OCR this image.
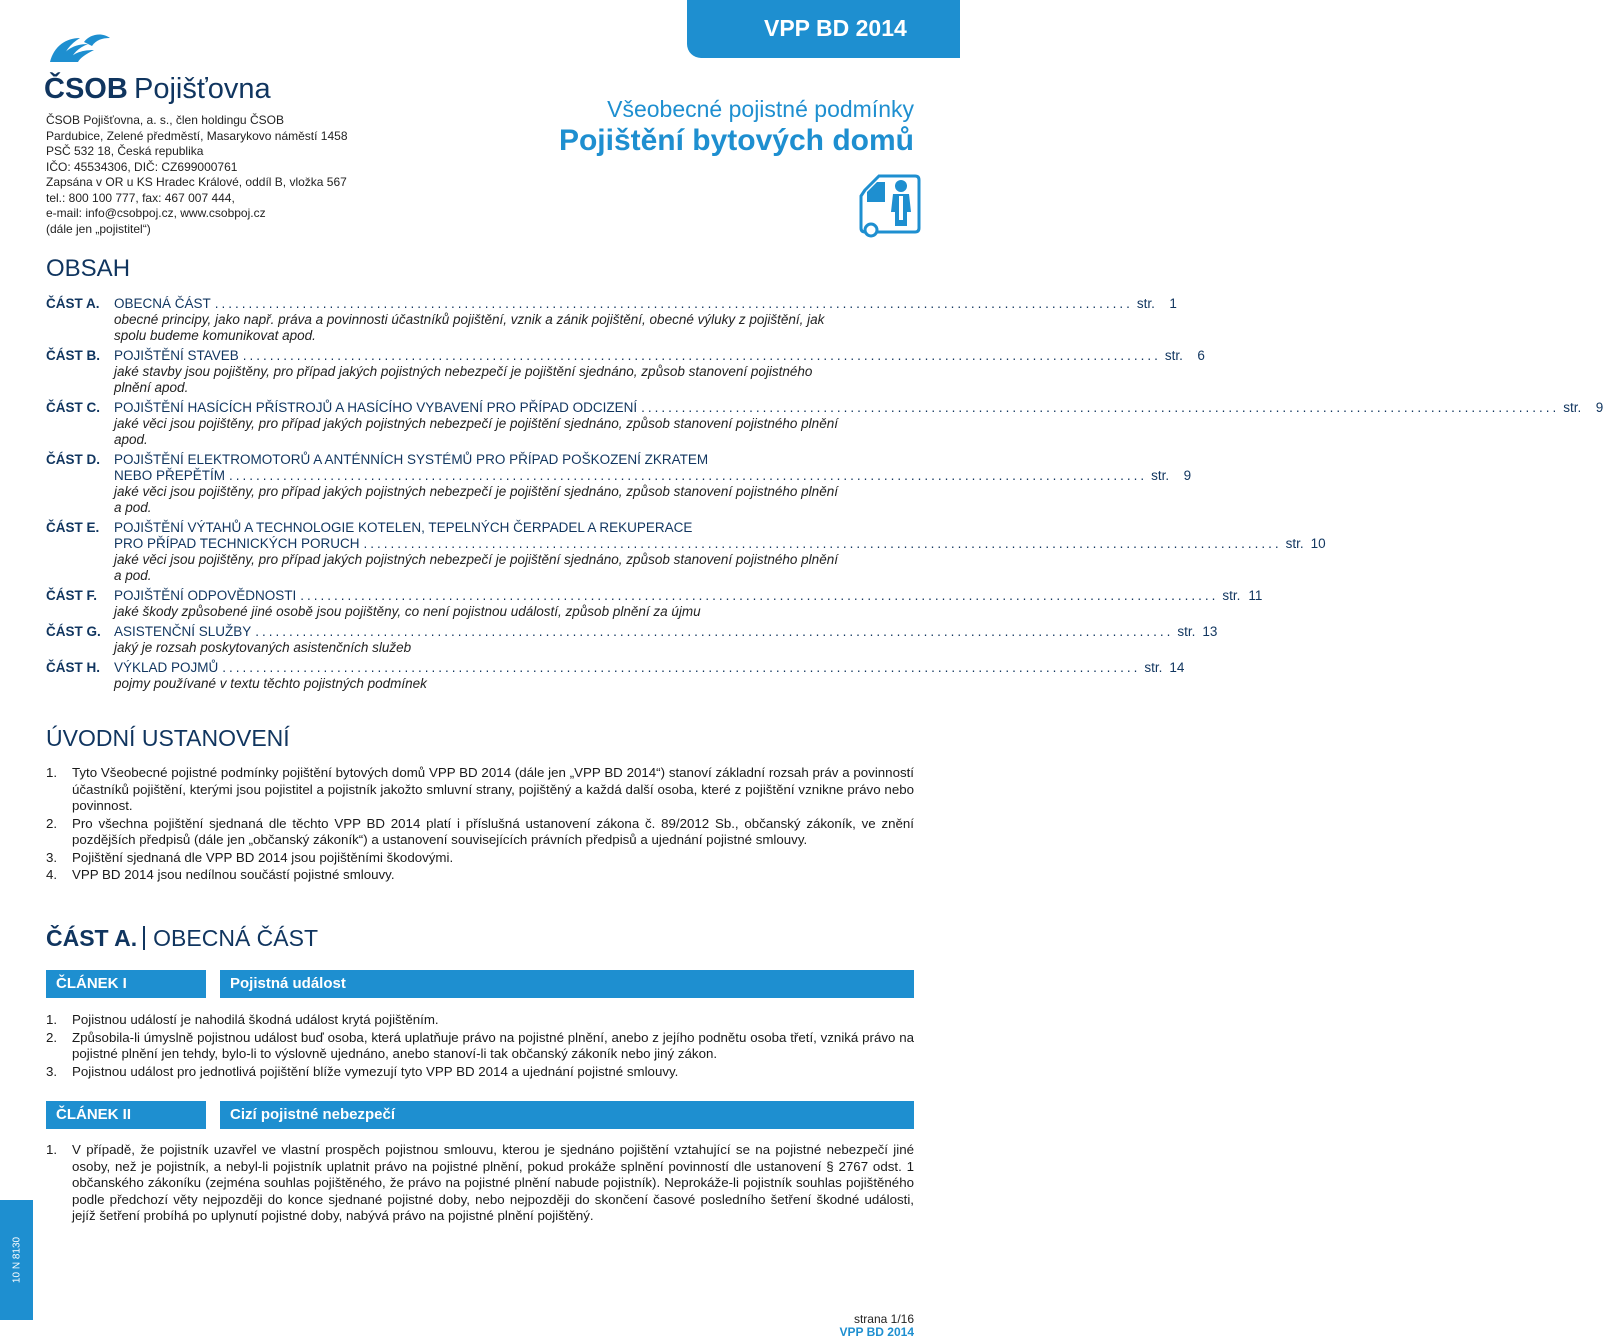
VPP BD 2014
ČSOB Pojišťovna
ČSOB Pojišťovna, a. s., člen holdingu ČSOB
Pardubice, Zelené předměstí, Masarykovo náměstí 1458
PSČ 532 18, Česká republika
IČO: 45534306, DIČ: CZ699000761
Zapsána v OR u KS Hradec Králové, oddíl B, vložka 567
tel.: 800 100 777, fax: 467 007 444,
e-mail: info@csobpoj.cz, www.csobpoj.cz
(dále jen „pojistitel“)
Všeobecné pojistné podmínky
Pojištění bytových domů
OBSAH
ČÁST A.	OBECNÁ ČÁST ........................................................................................................................................ str. 1
obecné principy, jako např. práva a povinnosti účastníků pojištění, vznik a zánik pojištění, obecné výluky z pojištění, jak spolu budeme komunikovat apod.
ČÁST B.	POJIŠTĚNÍ STAVEB ........................................................................................................................................ str. 6
jaké stavby jsou pojištěny, pro případ jakých pojistných nebezpečí je pojištění sjednáno, způsob stanovení pojistného plnění apod.
ČÁST C.	POJIŠTĚNÍ HASÍCÍCH PŘÍSTROJŮ A HASÍCÍHO VYBAVENÍ PRO PŘÍPAD ODCIZENÍ ........................................................................................................................................ str. 9
jaké věci jsou pojištěny, pro případ jakých pojistných nebezpečí je pojištění sjednáno, způsob stanovení pojistného plnění apod.
ČÁST D.	POJIŠTĚNÍ ELEKTROMOTORŮ A ANTÉNNÍCH SYSTÉMŮ PRO PŘÍPAD POŠKOZENÍ ZKRATEM
NEBO PŘEPĚTÍM ........................................................................................................................................ str. 9
jaké věci jsou pojištěny, pro případ jakých pojistných nebezpečí je pojištění sjednáno, způsob stanovení pojistného plnění a pod.
ČÁST E.	POJIŠTĚNÍ VÝTAHŮ A TECHNOLOGIE KOTELEN, TEPELNÝCH ČERPADEL A REKUPERACE
PRO PŘÍPAD TECHNICKÝCH PORUCH ........................................................................................................................................ str. 10
jaké věci jsou pojištěny, pro případ jakých pojistných nebezpečí je pojištění sjednáno, způsob stanovení pojistného plnění a pod.
ČÁST F.	POJIŠTĚNÍ ODPOVĚDNOSTI ........................................................................................................................................ str. 11
jaké škody způsobené jiné osobě jsou pojištěny, co není pojistnou událostí, způsob plnění za újmu
ČÁST G. ASISTENČNÍ SLUŽBY ........................................................................................................................................ str. 13
jaký je rozsah poskytovaných asistenčních služeb
ČÁST H.	VÝKLAD POJMŮ ........................................................................................................................................ str. 14
pojmy používané v textu těchto pojistných podmínek
ÚVODNÍ USTANOVENÍ
1. Tyto Všeobecné pojistné podmínky pojištění bytových domů VPP BD 2014 (dále jen „VPP BD 2014“) stanoví základní rozsah práv a povinností účastníků pojištění, kterými jsou pojistitel a pojistník jakožto smluvní strany, pojištěný a každá další osoba, které z pojištění vznikne právo nebo povinnost.
2. Pro všechna pojištění sjednaná dle těchto VPP BD 2014 platí i příslušná ustanovení zákona č. 89/2012 Sb., občanský zákoník, ve znění pozdějších předpisů (dále jen „občanský zákoník“) a ustanovení souvisejících právních předpisů a ujednání pojistné smlouvy.
3. Pojištění sjednaná dle VPP BD 2014 jsou pojištěními škodovými.
4. VPP BD 2014 jsou nedílnou součástí pojistné smlouvy.
ČÁST A. OBECNÁ ČÁST
ČLÁNEK I	Pojistná událost
1. Pojistnou událostí je nahodilá škodná událost krytá pojištěním.
2. Způsobila-li úmyslně pojistnou událost buď osoba, která uplatňuje právo na pojistné plnění, anebo z jejího podnětu osoba třetí, vzniká právo na pojistné plnění jen tehdy, bylo-li to výslovně ujednáno, anebo stanoví-li tak občanský zákoník nebo jiný zákon.
3. Pojistnou událost pro jednotlivá pojištění blíže vymezují tyto VPP BD 2014 a ujednání pojistné smlouvy.
ČLÁNEK II	Cizí pojistné nebezpečí
1. V případě, že pojistník uzavřel ve vlastní prospěch pojistnou smlouvu, kterou je sjednáno pojištění vztahující se na pojistné nebezpečí jiné osoby, než je pojistník, a nebyl-li pojistník uplatnit právo na pojistné plnění, pokud prokáže splnění povinností dle ustanovení § 2767 odst. 1 občanského zákoníku (zejména souhlas pojištěného, že právo na pojistné plnění nabude pojistník). Neprokáže-li pojistník souhlas pojištěného podle předchozí věty nejpozději do konce sjednané pojistné doby, nebo nejpozději do skončení časové posledního šetření škodné události, jejíž šetření probíhá po uplynutí pojistné doby, nabývá právo na pojistné plnění pojištěný.
10 N 8130
strana 1/16
VPP BD 2014
